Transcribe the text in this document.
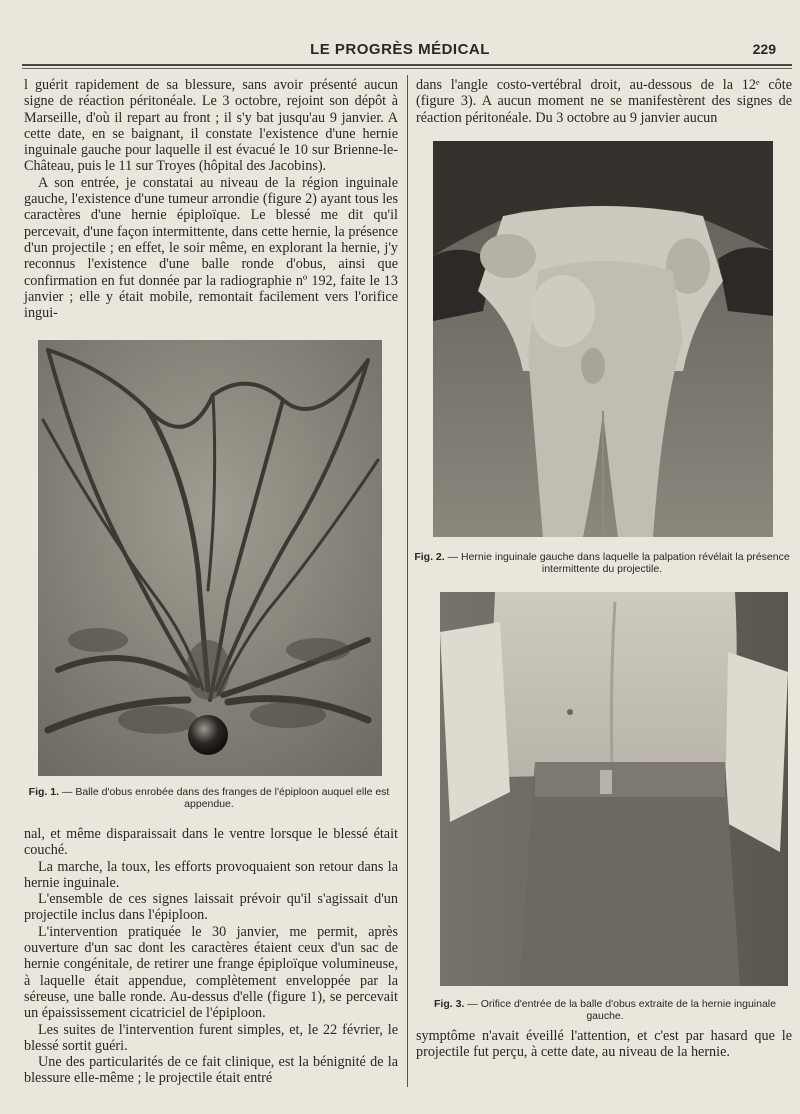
LE PROGRÈS MÉDICAL	229

l guérit rapidement de sa blessure, sans avoir présenté aucun signe de réaction péritonéale. Le 3 octobre, rejoint son dépôt à Marseille, d'où il repart au front ; il s'y bat jusqu'au 9 janvier. A cette date, en se baignant, il constate l'existence d'une hernie inguinale gauche pour laquelle il est évacué le 10 sur Brienne-le-Château, puis le 11 sur Troyes (hôpital des Jacobins).

A son entrée, je constatai au niveau de la région inguinale gauche, l'existence d'une tumeur arrondie (figure 2) ayant tous les caractères d'une hernie épiploïque. Le blessé me dit qu'il percevait, d'une façon intermittente, dans cette hernie, la présence d'un projectile ; en effet, le soir même, en explorant la hernie, j'y reconnus l'existence d'une balle ronde d'obus, ainsi que confirmation en fut donnée par la radiographie nº 192, faite le 13 janvier ; elle y était mobile, remontait facilement vers l'orifice ingui-

Fig. 1. — Balle d'obus enrobée dans des franges de l'épiploon auquel elle est appendue.

nal, et même disparaissait dans le ventre lorsque le blessé était couché.

La marche, la toux, les efforts provoquaient son retour dans la hernie inguinale.

L'ensemble de ces signes laissait prévoir qu'il s'agissait d'un projectile inclus dans l'épiploon.

L'intervention pratiquée le 30 janvier, me permit, après ouverture d'un sac dont les caractères étaient ceux d'un sac de hernie congénitale, de retirer une frange épiploïque volumineuse, à laquelle était appendue, complètement enveloppée par la séreuse, une balle ronde. Au-dessus d'elle (figure 1), se percevait un épaississement cicatriciel de l'épiploon.

Les suites de l'intervention furent simples, et, le 22 février, le blessé sortit guéri.

Une des particularités de ce fait clinique, est la bénignité de la blessure elle-même ; le projectile était entré

dans l'angle costo-vertébral droit, au-dessous de la 12ᵉ côte (figure 3). A aucun moment ne se manifestèrent des signes de réaction péritonéale. Du 3 octobre au 9 janvier aucun

Fig. 2. — Hernie inguinale gauche dans laquelle la palpation révélait la présence intermittente du projectile.
Fig. 3. — Orifice d'entrée de la balle d'obus extraite de la hernie inguinale gauche.

symptôme n'avait éveillé l'attention, et c'est par hasard que le projectile fut perçu, à cette date, au niveau de la hernie.
